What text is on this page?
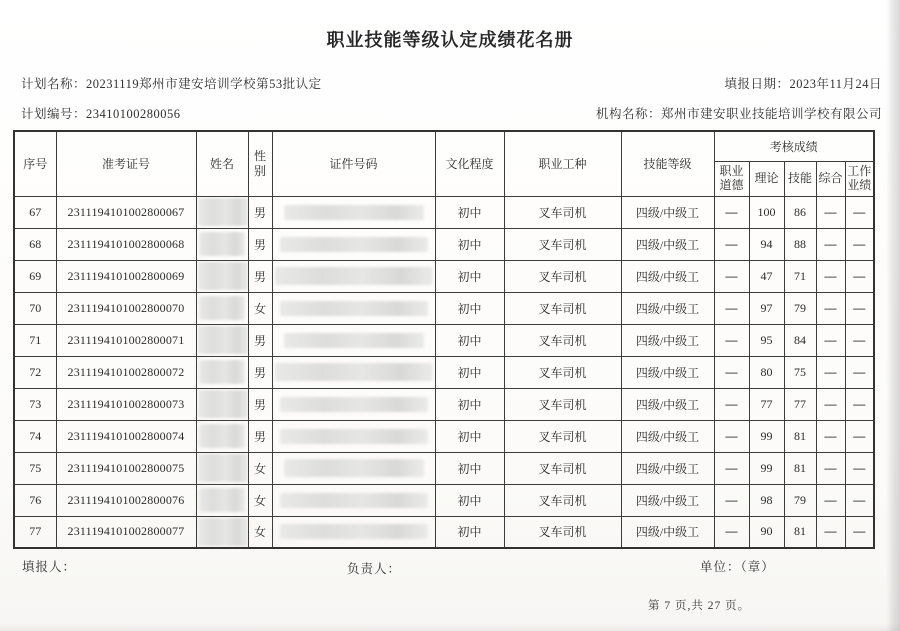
职业技能等级认定成绩花名册
计划名称：20231119郑州市建安培训学校第53批认定	填报日期：2023年11月24日
计划编号：23410100280056	机构名称：郑州市建安职业技能培训学校有限公司
序号	准考证号	姓名	性别	证件号码	文化程度	职业工种	技能等级	考核成绩				
								职业道德	理论	技能	综合	工作业绩
67	2311194101002800067		男		初中	叉车司机	四级/中级工	—	100	86	—	—
68	2311194101002800068		男		初中	叉车司机	四级/中级工	—	94	88	—	—
69	2311194101002800069		男		初中	叉车司机	四级/中级工	—	47	71	—	—
70	2311194101002800070		女		初中	叉车司机	四级/中级工	—	97	79	—	—
71	2311194101002800071		男		初中	叉车司机	四级/中级工	—	95	84	—	—
72	2311194101002800072		男		初中	叉车司机	四级/中级工	—	80	75	—	—
73	2311194101002800073		男		初中	叉车司机	四级/中级工	—	77	77	—	—
74	2311194101002800074		男		初中	叉车司机	四级/中级工	—	99	81	—	—
75	2311194101002800075		女		初中	叉车司机	四级/中级工	—	99	81	—	—
76	2311194101002800076		女		初中	叉车司机	四级/中级工	—	98	79	—	—
77	2311194101002800077		女		初中	叉车司机	四级/中级工	—	90	81	—	—
填报人：	负责人：	单位：（章）
第 7 页,共 27 页。
